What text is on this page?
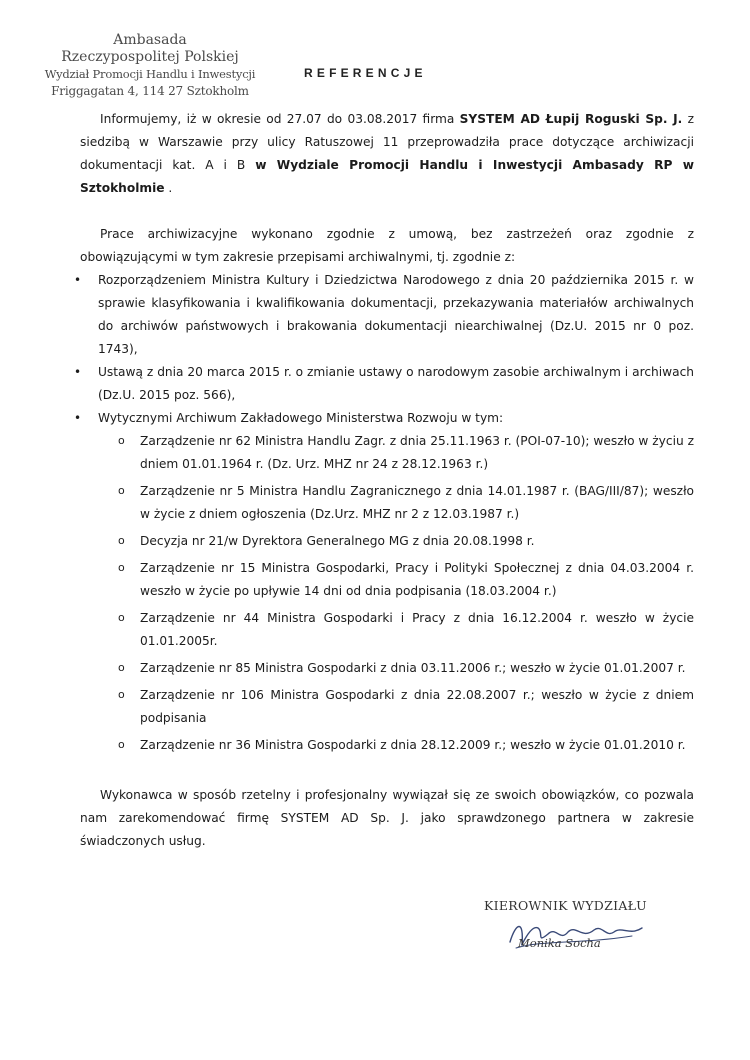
Ambasada
Rzeczypospolitej Polskiej
Wydział Promocji Handlu i Inwestycji
Friggagatan 4, 114 27 Sztokholm
REFERENCJE

Informujemy, iż w okresie od 27.07 do 03.08.2017 firma SYSTEM AD Łupij Roguski Sp. J. z siedzibą w Warszawie przy ulicy Ratuszowej 11 przeprowadziła prace dotyczące archiwizacji dokumentacji kat. A i B w Wydziale Promocji Handlu i Inwestycji Ambasady RP w Sztokholmie .

Prace archiwizacyjne wykonano zgodnie z umową, bez zastrzeżeń oraz zgodnie z obowiązującymi w tym zakresie przepisami archiwalnymi, tj. zgodnie z:

• Rozporządzeniem Ministra Kultury i Dziedzictwa Narodowego z dnia 20 października 2015 r. w sprawie klasyfikowania i kwalifikowania dokumentacji, przekazywania materiałów archiwalnych do archiwów państwowych i brakowania dokumentacji niearchiwalnej (Dz.U. 2015 nr 0 poz. 1743),
• Ustawą z dnia 20 marca 2015 r. o zmianie ustawy o narodowym zasobie archiwalnym i archiwach (Dz.U. 2015 poz. 566),
• Wytycznymi Archiwum Zakładowego Ministerstwa Rozwoju w tym:
o Zarządzenie nr 62 Ministra Handlu Zagr. z dnia 25.11.1963 r. (POI-07-10); weszło w życiu z dniem 01.01.1964 r. (Dz. Urz. MHZ nr 24 z 28.12.1963 r.)
o Zarządzenie nr 5 Ministra Handlu Zagranicznego z dnia 14.01.1987 r. (BAG/III/87); weszło w życie z dniem ogłoszenia (Dz.Urz. MHZ nr 2 z 12.03.1987 r.)
o Decyzja nr 21/w Dyrektora Generalnego MG z dnia 20.08.1998 r.
o Zarządzenie nr 15 Ministra Gospodarki, Pracy i Polityki Społecznej z dnia 04.03.2004 r. weszło w życie po upływie 14 dni od dnia podpisania (18.03.2004 r.)
o Zarządzenie nr 44 Ministra Gospodarki i Pracy z dnia 16.12.2004 r. weszło w życie 01.01.2005r.
o Zarządzenie nr 85 Ministra Gospodarki z dnia 03.11.2006 r.; weszło w życie 01.01.2007 r.
o Zarządzenie nr 106 Ministra Gospodarki z dnia 22.08.2007 r.; weszło w życie z dniem podpisania
o Zarządzenie nr 36 Ministra Gospodarki z dnia 28.12.2009 r.; weszło w życie 01.01.2010 r.

Wykonawca w sposób rzetelny i profesjonalny wywiązał się ze swoich obowiązków, co pozwala nam zarekomendować firmę SYSTEM AD Sp. J. jako sprawdzonego partnera w zakresie świadczonych usług.

KIEROWNIK WYDZIAŁU
Monika Socha
